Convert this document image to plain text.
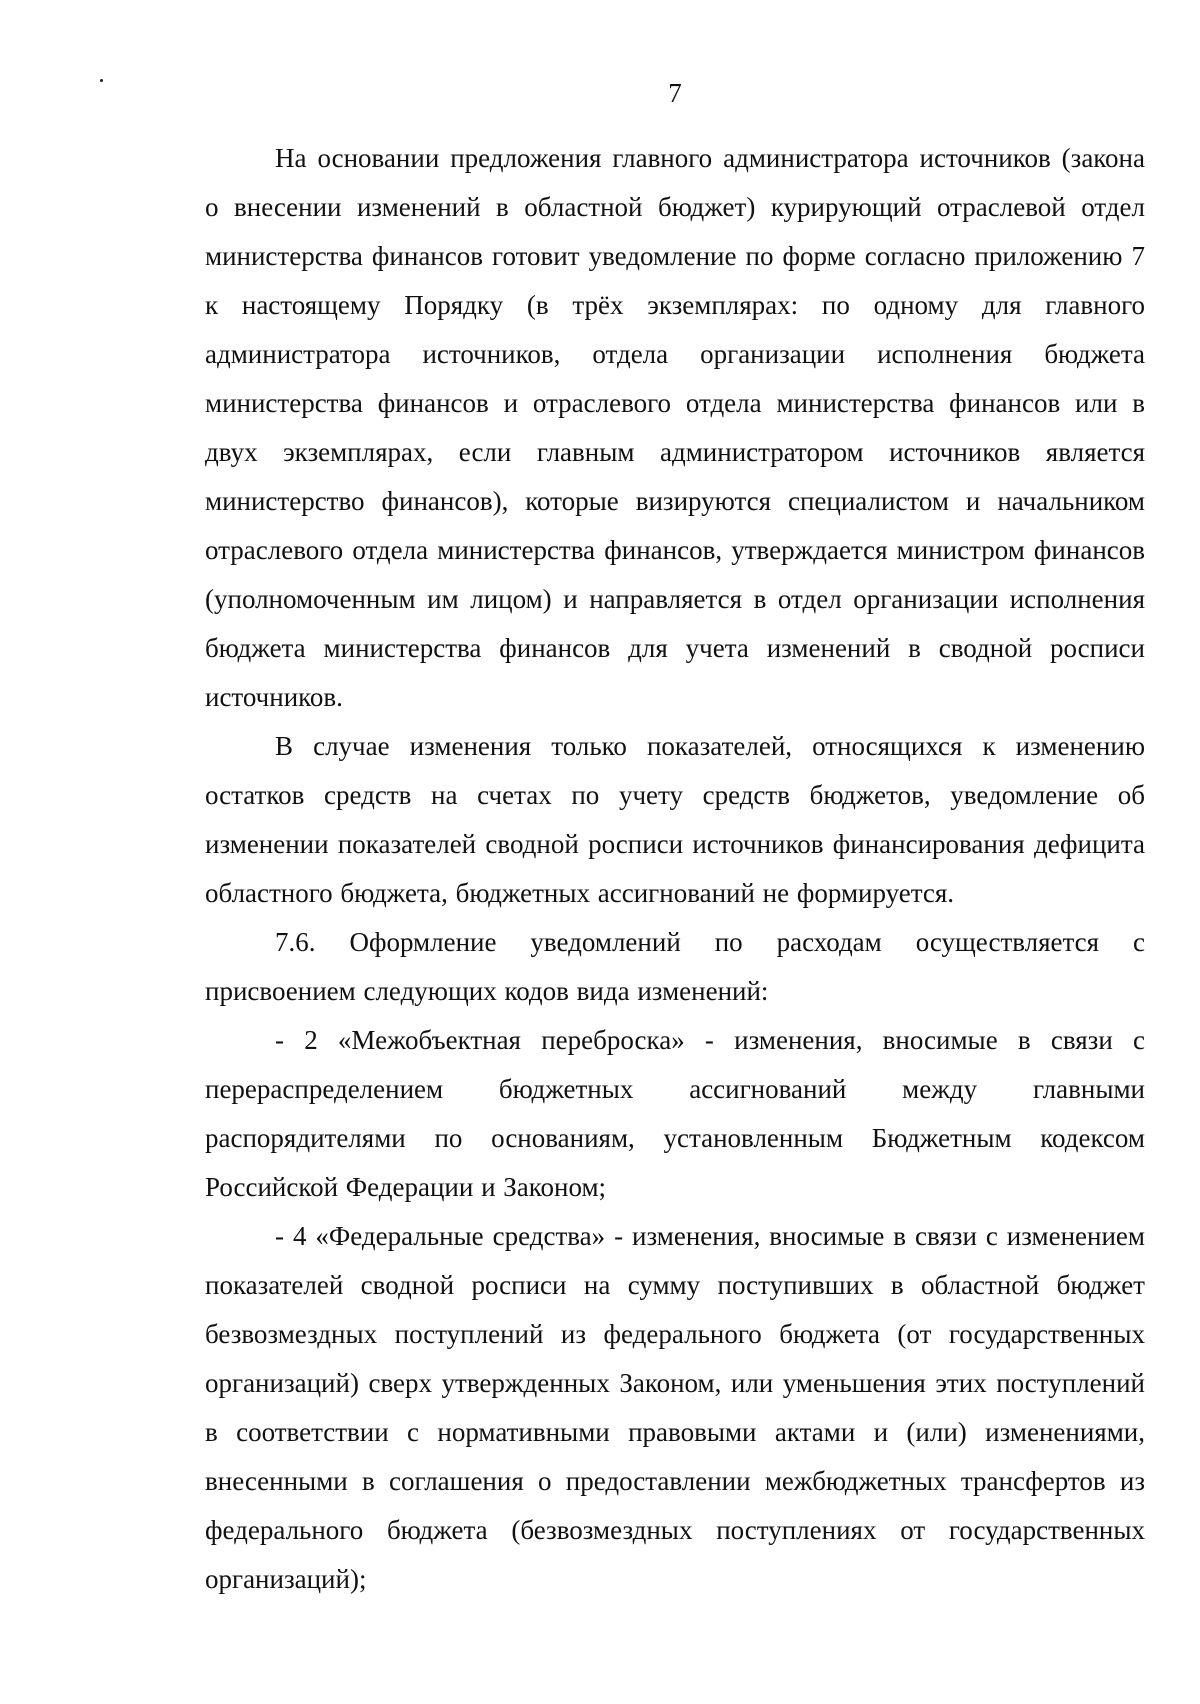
7

На основании предложения главного администратора источников (закона о внесении изменений в областной бюджет) курирующий отраслевой отдел министерства финансов готовит уведомление по форме согласно приложению 7 к настоящему Порядку (в трёх экземплярах: по одному для главного администратора источников, отдела организации исполнения бюджета министерства финансов и отраслевого отдела министерства финансов или в двух экземплярах, если главным администратором источников является министерство финансов), которые визируются специалистом и начальником отраслевого отдела министерства финансов, утверждается министром финансов (уполномоченным им лицом) и направляется в отдел организации исполнения бюджета министерства финансов для учета изменений в сводной росписи источников.

В случае изменения только показателей, относящихся к изменению остатков средств на счетах по учету средств бюджетов, уведомление об изменении показателей сводной росписи источников финансирования дефицита областного бюджета, бюджетных ассигнований не формируется.

7.6. Оформление уведомлений по расходам осуществляется с присвоением следующих кодов вида изменений:

- 2 «Межобъектная переброска» - изменения, вносимые в связи с перераспределением бюджетных ассигнований между главными распорядителями по основаниям, установленным Бюджетным кодексом Российской Федерации и Законом;

- 4 «Федеральные средства» - изменения, вносимые в связи с изменением показателей сводной росписи на сумму поступивших в областной бюджет безвозмездных поступлений из федерального бюджета (от государственных организаций) сверх утвержденных Законом, или уменьшения этих поступлений в соответствии с нормативными правовыми актами и (или) изменениями, внесенными в соглашения о предоставлении межбюджетных трансфертов из федерального бюджета (безвозмездных поступлениях от государственных организаций);
